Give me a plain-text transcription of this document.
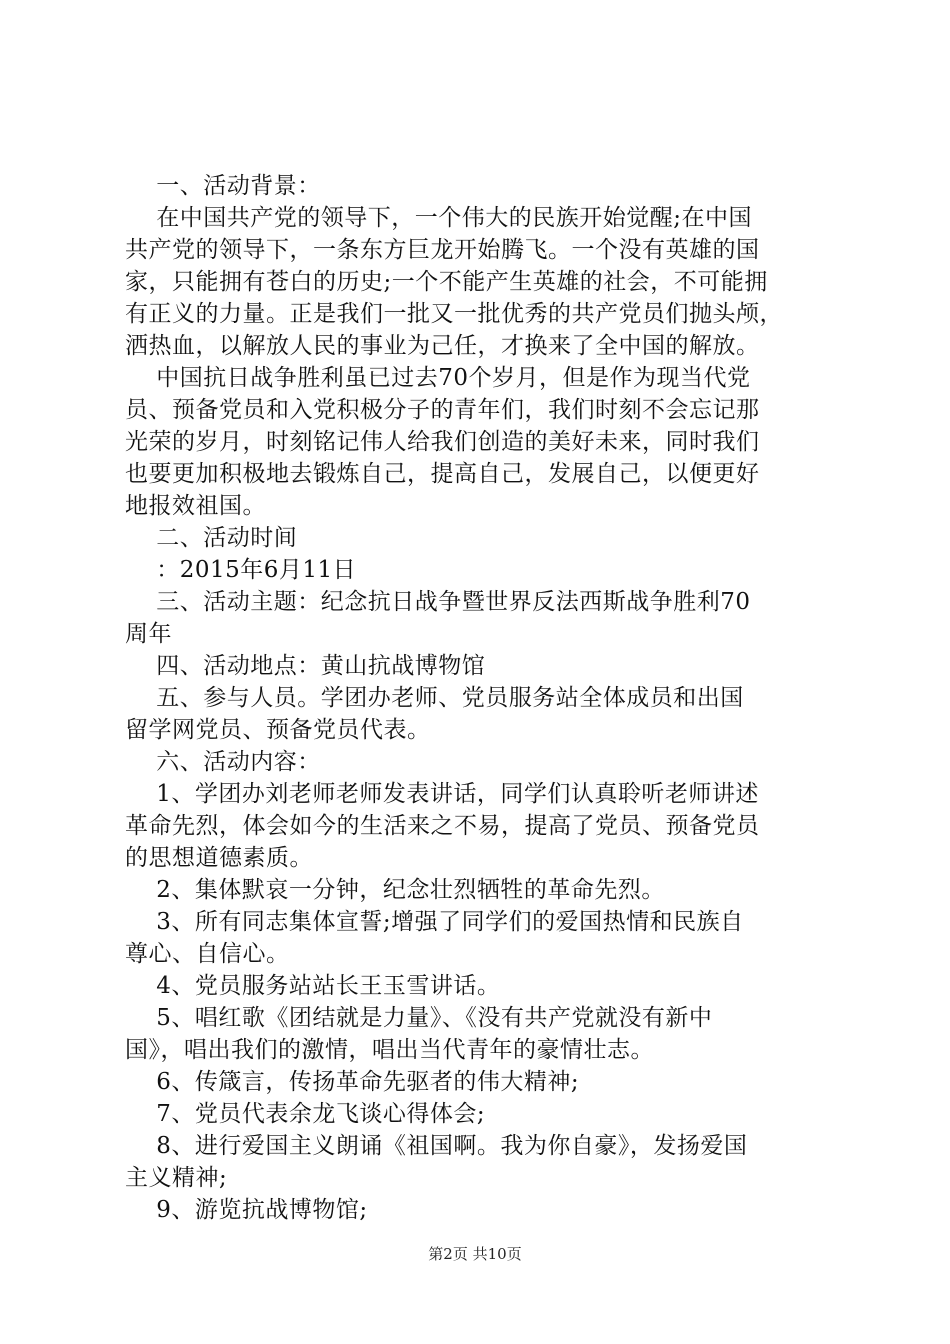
一、活动背景：
在中国共产党的领导下，一个伟大的民族开始觉醒;在中国
共产党的领导下，一条东方巨龙开始腾飞。一个没有英雄的国
家，只能拥有苍白的历史;一个不能产生英雄的社会，不可能拥
有正义的力量。正是我们一批又一批优秀的共产党员们抛头颅，
洒热血，以解放人民的事业为己任，才换来了全中国的解放。
中国抗日战争胜利虽已过去70个岁月，但是作为现当代党
员、预备党员和入党积极分子的青年们，我们时刻不会忘记那
光荣的岁月，时刻铭记伟人给我们创造的美好未来，同时我们
也要更加积极地去锻炼自己，提高自己，发展自己，以便更好
地报效祖国。
二、活动时间
：2015年6月11日
三、活动主题：纪念抗日战争暨世界反法西斯战争胜利70
周年
四、活动地点：黄山抗战博物馆
五、参与人员。学团办老师、党员服务站全体成员和出国
留学网党员、预备党员代表。
六、活动内容：
1、学团办刘老师老师发表讲话，同学们认真聆听老师讲述
革命先烈，体会如今的生活来之不易，提高了党员、预备党员
的思想道德素质。
2、集体默哀一分钟，纪念壮烈牺牲的革命先烈。
3、所有同志集体宣誓;增强了同学们的爱国热情和民族自
尊心、自信心。
4、党员服务站站长王玉雪讲话。
5、唱红歌《团结就是力量》、《没有共产党就没有新中
国》，唱出我们的激情，唱出当代青年的豪情壮志。
6、传箴言，传扬革命先驱者的伟大精神;
7、党员代表余龙飞谈心得体会;
8、进行爱国主义朗诵《祖国啊。我为你自豪》，发扬爱国
主义精神;
9、游览抗战博物馆;
第2页 共10页
